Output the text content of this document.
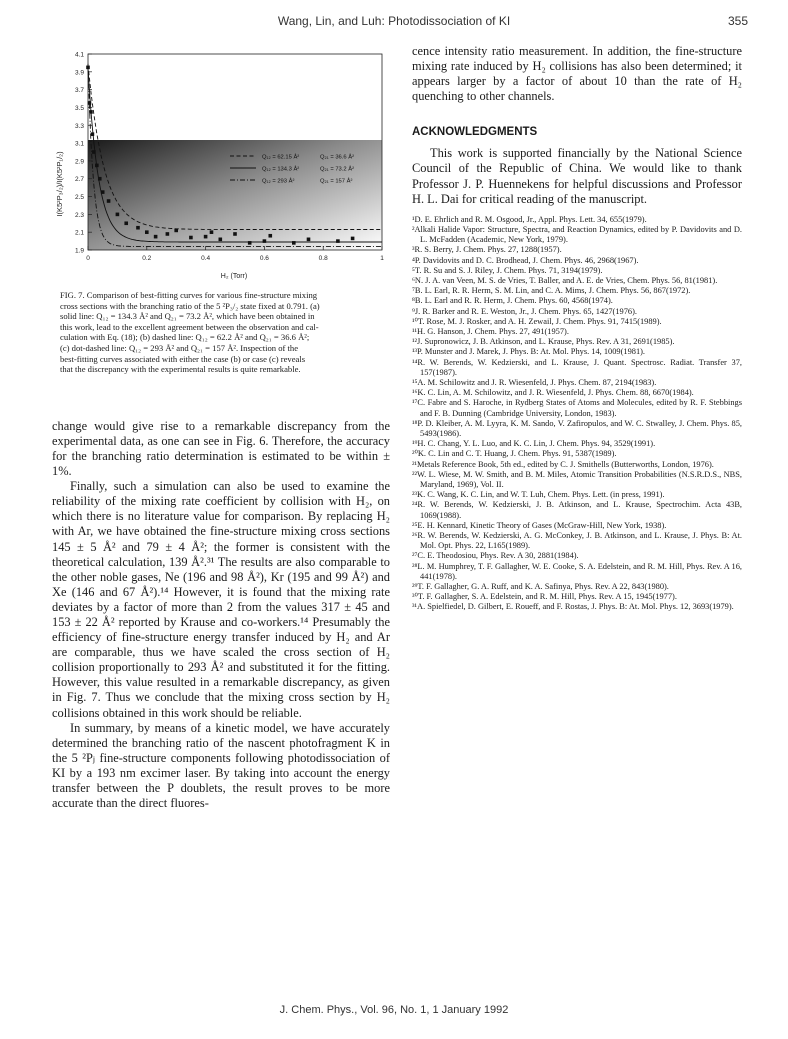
Wang, Lin, and Luh: Photodissociation of KI	355
4.1
3.9
3.7
3.5
3.3
3.1
2.9
2.7
2.5
2.3
2.1
1.9
0	0.2	0.4	0.6	0.8	1
Q₁₂ = 62.15 Å²	Q₂₁ = 36.6 Å²
Q₁₂ = 134.3 Å²	Q₂₁ = 73.2 Å²
Q₁₂ = 293 Å²	Q₂₁ = 157 Å²
I(K5²P₃/₂)/I(K5²P₁/₂)
H₂ (Torr)

FIG. 7. Comparison of best-fitting curves for various fine-structure mixing

cross sections with the branching ratio of the 5 ²P₃/₂ state fixed at 0.791. (a)

solid line: Q₁₂ = 134.3 Å² and Q₂₁ = 73.2 Å², which have been obtained in

this work, lead to the excellent agreement between the observation and cal-

culation with Eq. (18); (b) dashed line: Q₁₂ = 62.2 Å² and Q₂₁ = 36.6 Å²;

(c) dot-dashed line: Q₁₂ = 293 Å² and Q₂₁ = 157 Å². Inspection of the

best-fitting curves associated with either the case (b) or case (c) reveals

that the discrepancy with the experimental results is quite remarkable.

change would give rise to a remarkable discrepancy from the experimental data, as one can see in Fig. 6. Therefore, the accuracy for the branching ratio determination is estimated to be within ± 1%.

Finally, such a simulation can also be used to examine the reliability of the mixing rate coefficient by collision with H₂, on which there is no literature value for comparison. By replacing H₂ with Ar, we have obtained the fine-structure mixing cross sections 145 ± 5 Å² and 79 ± 4 Å²; the former is consistent with the theoretical calculation, 139 Å².³¹ The results are also comparable to the other noble gases, Ne (196 and 98 Å²), Kr (195 and 99 Å²) and Xe (146 and 67 Å²).¹⁴ However, it is found that the mixing rate deviates by a factor of more than 2 from the values 317 ± 45 and 153 ± 22 Å² reported by Krause and co-workers.¹⁴ Presumably the efficiency of fine-structure energy transfer induced by H₂ and Ar are comparable, thus we have scaled the cross section of H₂ collision proportionally to 293 Å² and substituted it for the fitting. However, this value resulted in a remarkable discrepancy, as given in Fig. 7. Thus we conclude that the mixing cross section by H₂ collisions obtained in this work should be reliable.

In summary, by means of a kinetic model, we have accurately determined the branching ratio of the nascent photofragment K in the 5 ²Pⱼ fine-structure components following photodissociation of KI by a 193 nm excimer laser. By taking into account the energy transfer between the P doublets, the result proves to be more accurate than the direct fluores-

cence intensity ratio measurement. In addition, the fine-structure mixing rate induced by H₂ collisions has also been determined; it appears larger by a factor of about 10 than the rate of H₂ quenching to other channels.

ACKNOWLEDGMENTS

This work is supported financially by the National Science Council of the Republic of China. We would like to thank Professor J. P. Huennekens for helpful discussions and Professor H. L. Dai for critical reading of the manuscript.

¹D. E. Ehrlich and R. M. Osgood, Jr., Appl. Phys. Lett. 34, 655(1979).
²Alkali Halide Vapor: Structure, Spectra, and Reaction Dynamics, edited by P. Davidovits and D. L. McFadden (Academic, New York, 1979).
³R. S. Berry, J. Chem. Phys. 27, 1288(1957).
⁴P. Davidovits and D. C. Brodhead, J. Chem. Phys. 46, 2968(1967).
⁵T. R. Su and S. J. Riley, J. Chem. Phys. 71, 3194(1979).
⁶N. J. A. van Veen, M. S. de Vries, T. Baller, and A. E. de Vries, Chem. Phys. 56, 81(1981).
⁷B. L. Earl, R. R. Herm, S. M. Lin, and C. A. Mims, J. Chem. Phys. 56, 867(1972).
⁸B. L. Earl and R. R. Herm, J. Chem. Phys. 60, 4568(1974).
⁹J. R. Barker and R. E. Weston, Jr., J. Chem. Phys. 65, 1427(1976).
¹⁰T. Rose, M. J. Rosker, and A. H. Zewail, J. Chem. Phys. 91, 7415(1989).
¹¹H. G. Hanson, J. Chem. Phys. 27, 491(1957).
¹²J. Supronowicz, J. B. Atkinson, and L. Krause, Phys. Rev. A 31, 2691(1985).
¹³P. Munster and J. Marek, J. Phys. B: At. Mol. Phys. 14, 1009(1981).
¹⁴R. W. Berends, W. Kedzierski, and L. Krause, J. Quant. Spectrosc. Radiat. Transfer 37, 157(1987).
¹⁵A. M. Schilowitz and J. R. Wiesenfeld, J. Phys. Chem. 87, 2194(1983).
¹⁶K. C. Lin, A. M. Schilowitz, and J. R. Wiesenfeld, J. Phys. Chem. 88, 6670(1984).
¹⁷C. Fabre and S. Haroche, in Rydberg States of Atoms and Molecules, edited by R. F. Stebbings and F. B. Dunning (Cambridge University, London, 1983).
¹⁸P. D. Kleiber, A. M. Lyyra, K. M. Sando, V. Zafiropulos, and W. C. Stwalley, J. Chem. Phys. 85, 5493(1986).
¹⁹H. C. Chang, Y. L. Luo, and K. C. Lin, J. Chem. Phys. 94, 3529(1991).
²⁰K. C. Lin and C. T. Huang, J. Chem. Phys. 91, 5387(1989).
²¹Metals Reference Book, 5th ed., edited by C. J. Smithells (Butterworths, London, 1976).
²²W. L. Wiese, M. W. Smith, and B. M. Miles, Atomic Transition Probabilities (N.S.R.D.S., NBS, Maryland, 1969), Vol. II.
²³K. C. Wang, K. C. Lin, and W. T. Luh, Chem. Phys. Lett. (in press, 1991).
²⁴R. W. Berends, W. Kedzierski, J. B. Atkinson, and L. Krause, Spectrochim. Acta 43B, 1069(1988).
²⁵E. H. Kennard, Kinetic Theory of Gases (McGraw-Hill, New York, 1938).
²⁶R. W. Berends, W. Kedzierski, A. G. McConkey, J. B. Atkinson, and L. Krause, J. Phys. B: At. Mol. Opt. Phys. 22, L165(1989).
²⁷C. E. Theodosiou, Phys. Rev. A 30, 2881(1984).
²⁸L. M. Humphrey, T. F. Gallagher, W. E. Cooke, S. A. Edelstein, and R. M. Hill, Phys. Rev. A 16, 441(1978).
²⁹T. F. Gallagher, G. A. Ruff, and K. A. Safinya, Phys. Rev. A 22, 843(1980).
³⁰T. F. Gallagher, S. A. Edelstein, and R. M. Hill, Phys. Rev. A 15, 1945(1977).
³¹A. Spielfiedel, D. Gilbert, E. Roueff, and F. Rostas, J. Phys. B: At. Mol. Phys. 12, 3693(1979).
J. Chem. Phys., Vol. 96, No. 1, 1 January 1992
